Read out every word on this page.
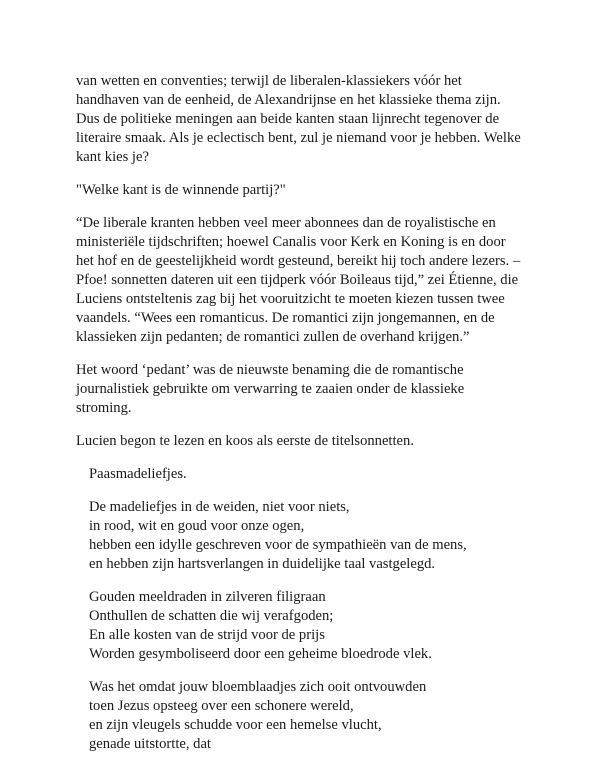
van wetten en conventies; terwijl de liberalen-klassiekers vóór het
handhaven van de eenheid, de Alexandrijnse en het klassieke thema zijn.
Dus de politieke meningen aan beide kanten staan lijnrecht tegenover de
literaire smaak. Als je eclectisch bent, zul je niemand voor je hebben. Welke
kant kies je?

"Welke kant is de winnende partij?"

“De liberale kranten hebben veel meer abonnees dan de royalistische en
ministeriële tijdschriften; hoewel Canalis voor Kerk en Koning is en door
het hof en de geestelijkheid wordt gesteund, bereikt hij toch andere lezers. –
Pfoe! sonnetten dateren uit een tijdperk vóór Boileaus tijd,” zei Étienne, die
Luciens ontsteltenis zag bij het vooruitzicht te moeten kiezen tussen twee
vaandels. “Wees een romanticus. De romantici zijn jongemannen, en de
klassieken zijn pedanten; de romantici zullen de overhand krijgen.”

Het woord ‘pedant’ was de nieuwste benaming die de romantische
journalistiek gebruikte om verwarring te zaaien onder de klassieke
stroming.

Lucien begon te lezen en koos als eerste de titelsonnetten.

Paasmadeliefjes.

De madeliefjes in de weiden, niet voor niets,
in rood, wit en goud voor onze ogen,
hebben een idylle geschreven voor de sympathieën van de mens,
en hebben zijn hartsverlangen in duidelijke taal vastgelegd.

Gouden meeldraden in zilveren filigraan
Onthullen de schatten die wij verafgoden;
En alle kosten van de strijd voor de prijs
Worden gesymboliseerd door een geheime bloedrode vlek.

Was het omdat jouw bloemblaadjes zich ooit ontvouwden
toen Jezus opsteeg over een schonere wereld,
en zijn vleugels schudde voor een hemelse vlucht,
genade uitstortte, dat
